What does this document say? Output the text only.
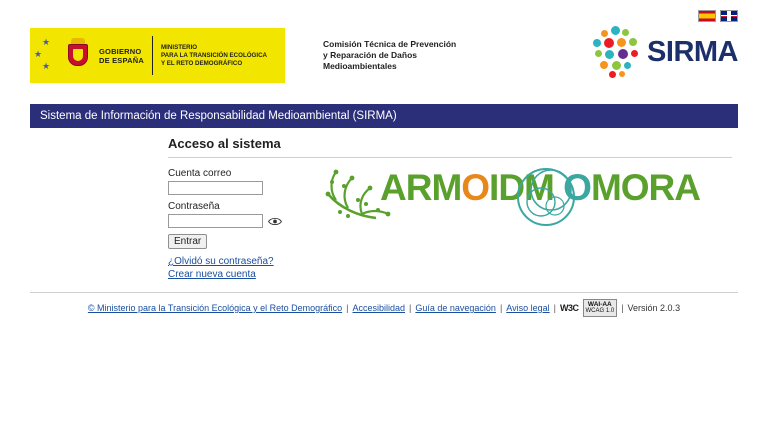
★
★
★
GOBIERNO
DE ESPAÑA
MINISTERIO
PARA LA TRANSICIÓN ECOLÓGICA
Y EL RETO DEMOGRÁFICO
Comisión Técnica de Prevención
y Reparación de Daños
Medioambientales	SIRMA
Sistema de Información de Responsabilidad Medioambiental (SIRMA)
Acceso al sistema
Cuenta correo
Contraseña
Entrar
¿Olvidó su contraseña?
Crear nueva cuenta
ARMOIDM OMORA
© Ministerio para la Transición Ecológica y el Reto Demográfico | Accesibilidad | Guía de navegación | Aviso legal | W3C	WAI-AA
WCAG 1.0 | Versión 2.0.3
